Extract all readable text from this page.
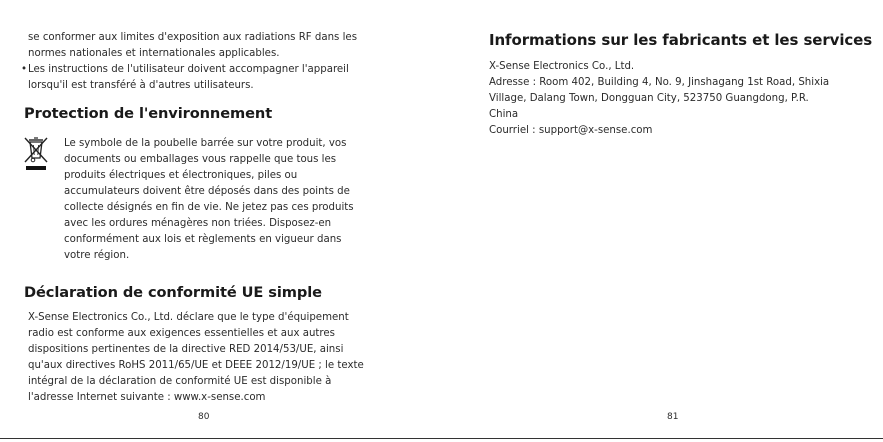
se conformer aux limites d'exposition aux radiations RF dans les

normes nationales et internationales applicables.

• Les instructions de l'utilisateur doivent accompagner l'appareil

lorsqu'il est transféré à d'autres utilisateurs.

Protection de l'environnement

Le symbole de la poubelle barrée sur votre produit, vos

documents ou emballages vous rappelle que tous les

produits électriques et électroniques, piles ou

accumulateurs doivent être déposés dans des points de

collecte désignés en fin de vie. Ne jetez pas ces produits

avec les ordures ménagères non triées. Disposez-en

conformément aux lois et règlements en vigueur dans

votre région.

Déclaration de conformité UE simple

X-Sense Electronics Co., Ltd. déclare que le type d'équipement

radio est conforme aux exigences essentielles et aux autres

dispositions pertinentes de la directive RED 2014/53/UE, ainsi

qu'aux directives RoHS 2011/65/UE et DEEE 2012/19/UE ; le texte

intégral de la déclaration de conformité UE est disponible à

l'adresse Internet suivante : www.x-sense.com

80
Informations sur les fabricants et les services

X-Sense Electronics Co., Ltd.

Adresse : Room 402, Building 4, No. 9, Jinshagang 1st Road, Shixia

Village, Dalang Town, Dongguan City, 523750 Guangdong, P.R.

China

Courriel : support@x-sense.com

81
